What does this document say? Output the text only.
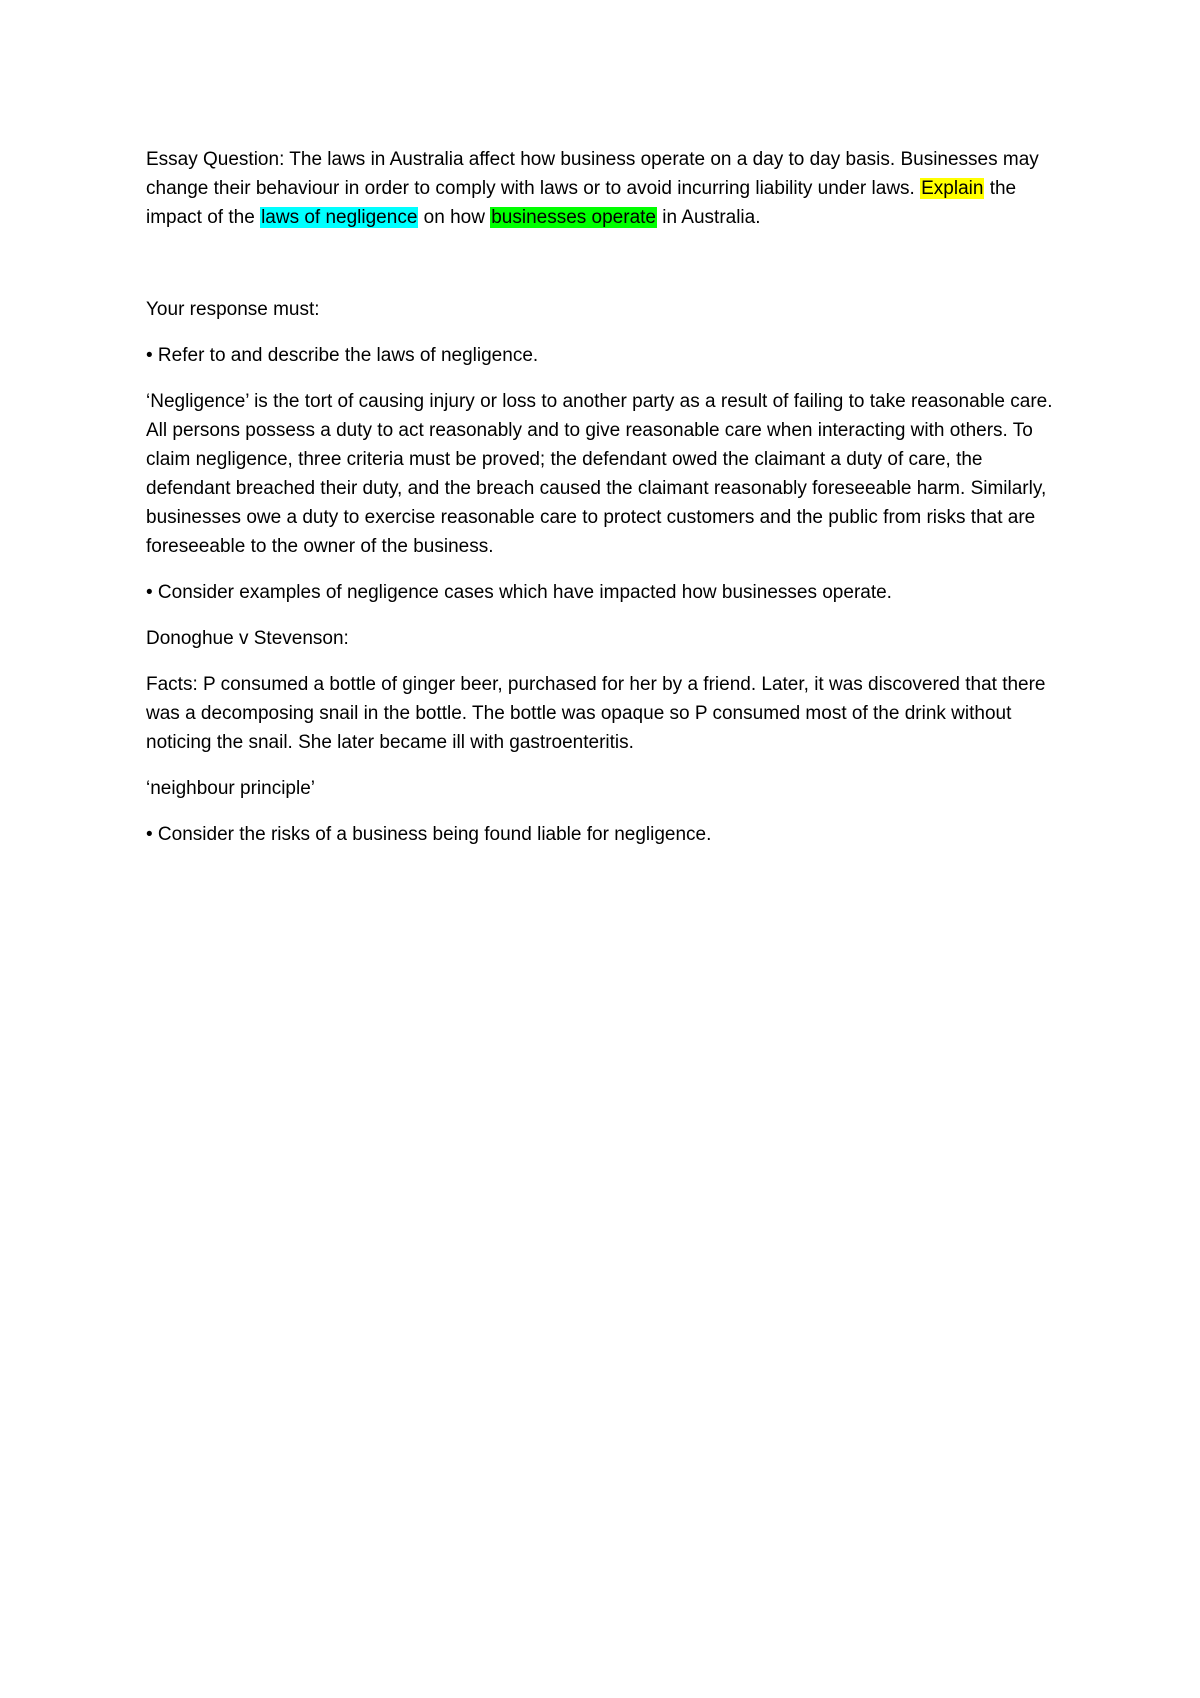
Essay Question: The laws in Australia affect how business operate on a day to day basis. Businesses may change their behaviour in order to comply with laws or to avoid incurring liability under laws. Explain the impact of the laws of negligence on how businesses operate in Australia.

Your response must:

• Refer to and describe the laws of negligence.

‘Negligence’ is the tort of causing injury or loss to another party as a result of failing to take reasonable care. All persons possess a duty to act reasonably and to give reasonable care when interacting with others. To claim negligence, three criteria must be proved; the defendant owed the claimant a duty of care, the defendant breached their duty, and the breach caused the claimant reasonably foreseeable harm. Similarly, businesses owe a duty to exercise reasonable care to protect customers and the public from risks that are foreseeable to the owner of the business.

• Consider examples of negligence cases which have impacted how businesses operate.

Donoghue v Stevenson:

Facts: P consumed a bottle of ginger beer, purchased for her by a friend. Later, it was discovered that there was a decomposing snail in the bottle. The bottle was opaque so P consumed most of the drink without noticing the snail. She later became ill with gastroenteritis.

‘neighbour principle’

• Consider the risks of a business being found liable for negligence.
